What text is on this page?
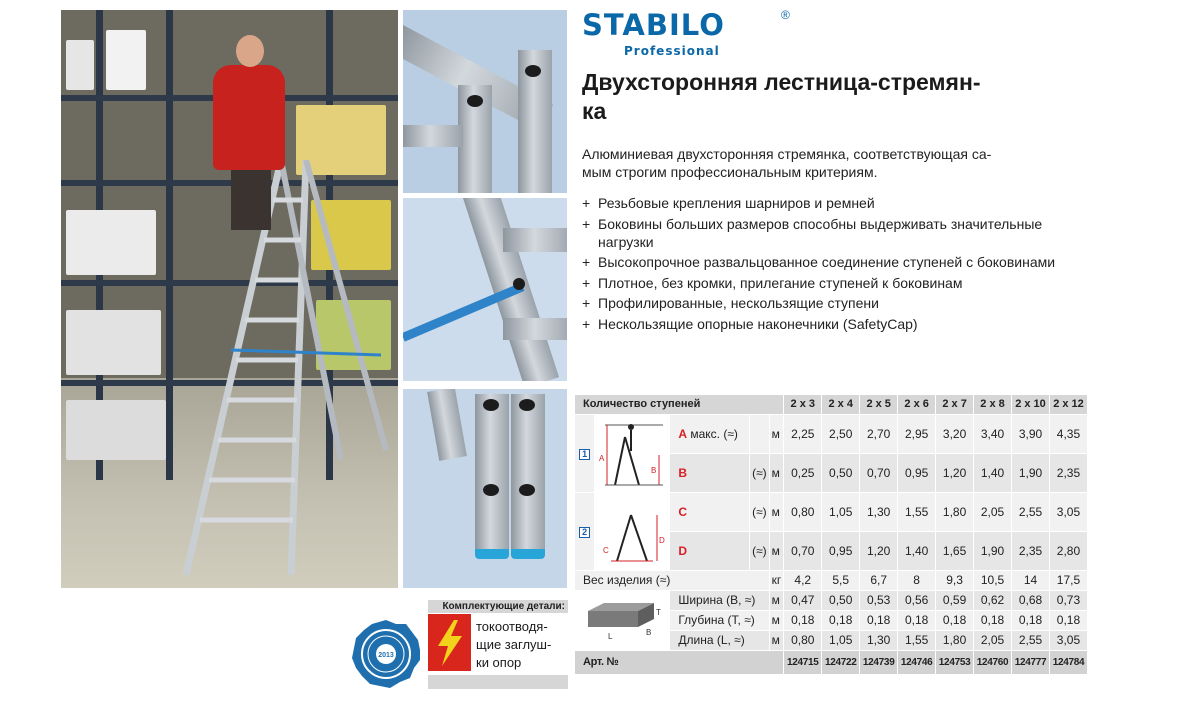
STABILO	®
Professional
Двухсторонняя лестница-стремян-
ка
Алюминиевая двухсторонняя стремянка, соответствующая са-
мым строгим профессиональным критериям.
+ Резьбовые крепления шарниров и ремней
+ Боковины больших размеров способны выдерживать значительные нагрузки
+ Высокопрочное развальцованное соединение ступеней с боковинами
+ Плотное, без кромки, прилегание ступеней к боковинам
+ Профилированные, нескользящие ступени
+ Нескользящие опорные наконечники (SafetyCap)
Количество ступеней					2 x 3	2 x 4	2 x 5	2 x 6	2 x 7	2 x 8	2 x 10	2 x 12
1	A
B	A макс. (≈)		м	2,25	2,50	2,70	2,95	3,20	3,40	3,90	4,35
		B	(≈)	м	0,25	0,50	0,70	0,95	1,20	1,40	1,90	2,35
2	C
D	C	(≈)	м	0,80	1,05	1,30	1,55	1,80	2,05	2,55	3,05
		D	(≈)	м	0,70	0,95	1,20	1,40	1,65	1,90	2,35	2,80
Вес изделия (≈)				кг	4,2	5,5	6,7	8	9,3	10,5	14	17,5

L B
T		Ширина (B, ≈)		м	0,47	0,50	0,53	0,56	0,59	0,62	0,68	0,73
		Глубина (T, ≈)		м	0,18	0,18	0,18	0,18	0,18	0,18	0,18	0,18
		Длина (L, ≈)		м	0,80	1,05	1,30	1,55	1,80	2,05	2,55	3,05
Арт. №					124715	124722	124739	124746	124753	124760	124777	124784
Комплектующие детали:
токоотводя-
щие заглуш-
ки опор
2013
